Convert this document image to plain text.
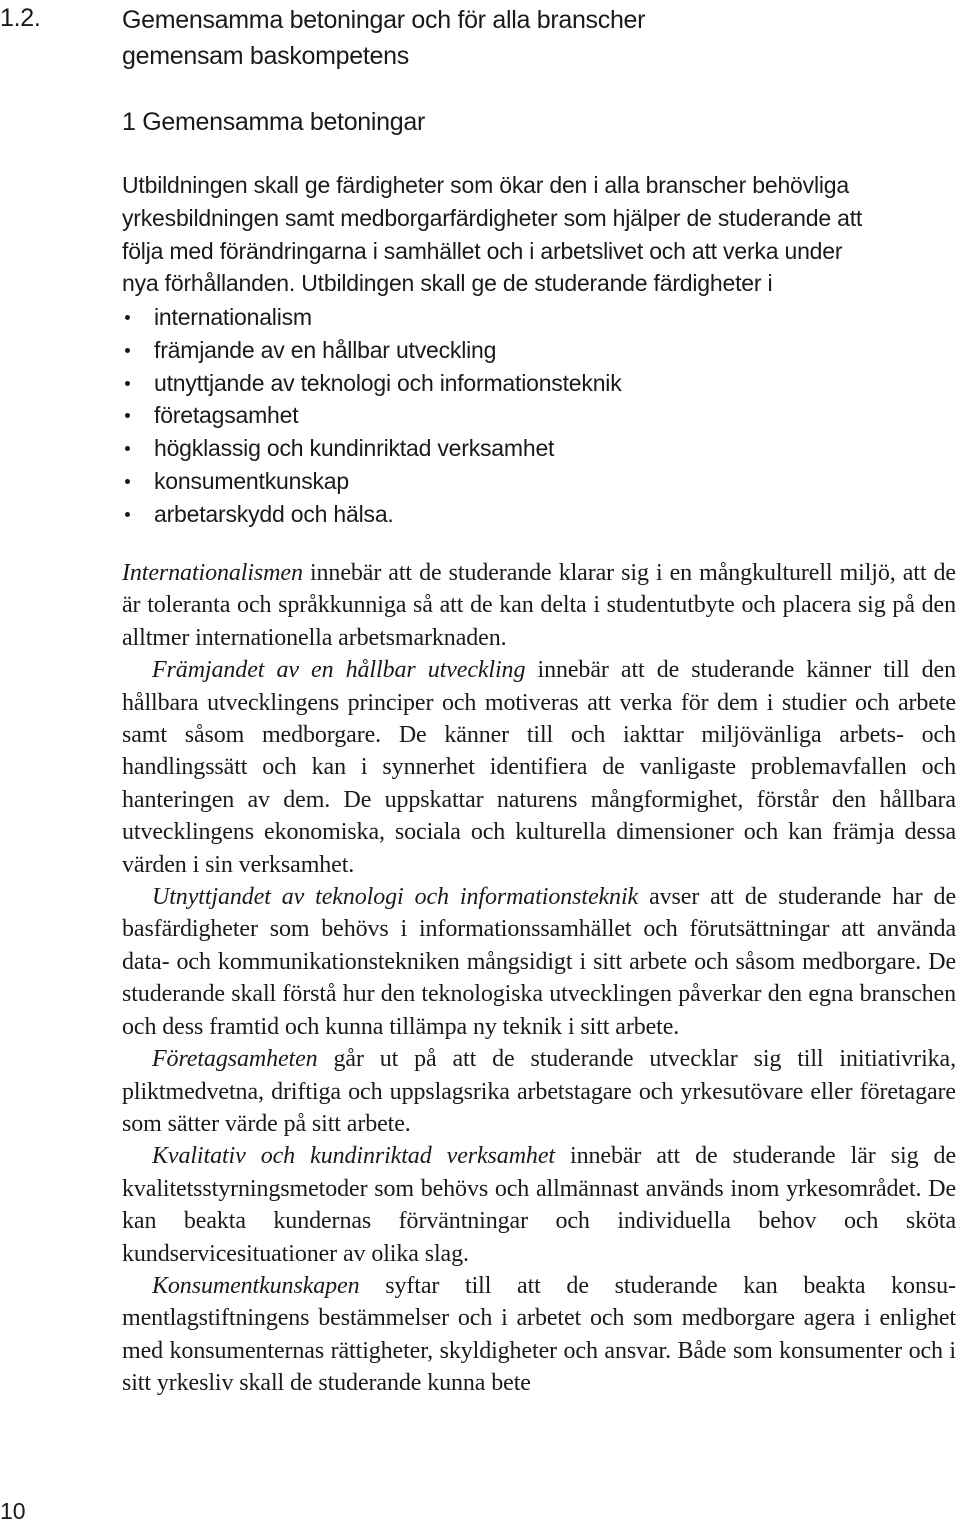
1.2.	Gemensamma betoningar och för alla branscher
gemensam baskompetens
1 Gemensamma betoningar

Utbildningen skall ge färdigheter som ökar den i alla branscher behövliga

yrkesbildningen samt medborgarfärdigheter som hjälper de studerande att

följa med förändringarna i samhället och i arbetslivet och att verka under

nya förhållanden. Utbildingen skall ge de studerande färdigheter i

internationalism
främjande av en hållbar utveckling
utnyttjande av teknologi och informationsteknik
företagsamhet
högklassig och kundinriktad verksamhet
konsumentkunskap
arbetarskydd och hälsa.

Internationalismen innebär att de studerande klarar sig i en mångkulturell miljö, att de är toleranta och språkkunniga så att de kan delta i studentutbyte och placera sig på den alltmer internationella arbetsmarknaden.

Främjandet av en hållbar utveckling innebär att de studerande känner till den hållbara utvecklingens principer och motiveras att verka för dem i studier och arbete samt såsom medborgare. De känner till och iakttar miljövänliga arbets- och handlingssätt och kan i synnerhet identifiera de vanligaste problemavfallen och hanteringen av dem. De uppskattar naturens mångformighet, förstår den hållbara utvecklingens ekonomiska, sociala och kulturella dimensioner och kan främja dessa värden i sin verksamhet.

Utnyttjandet av teknologi och informationsteknik avser att de studerande har de basfärdigheter som behövs i informationssamhället och förutsättningar att använda data- och kommunikationstekniken mångsidigt i sitt arbete och såsom medborgare. De studerande skall förstå hur den teknologiska utvecklingen påverkar den egna branschen och dess framtid och kunna tillämpa ny teknik i sitt arbete.

Företagsamheten går ut på att de studerande utvecklar sig till initiativrika, pliktmedvetna, driftiga och uppslagsrika arbetstagare och yrkesutövare eller företagare som sätter värde på sitt arbete.

Kvalitativ och kundinriktad verksamhet innebär att de studerande lär sig de kvalitetsstyrningsmetoder som behövs och allmännast används inom yrkesområdet. De kan beakta kundernas förväntningar och individuella behov och sköta kundservicesituationer av olika slag.

Konsumentkunskapen syftar till att de studerande kan beakta konsumentlagstiftningens bestämmelser och i arbetet och som medborgare agera i enlighet med konsumenternas rättigheter, skyldigheter och ansvar. Både som konsumenter och i sitt yrkesliv skall de studerande kunna bete

10
